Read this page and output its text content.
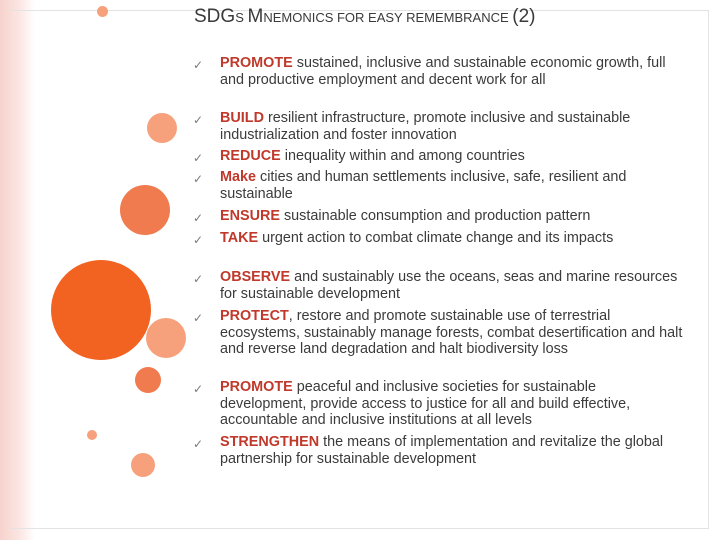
SDGS MNEMONICS FOR EASY REMEMBRANCE (2)
✓ PROMOTE sustained, inclusive and sustainable economic growth, full and productive employment and decent work for all

✓ BUILD resilient infrastructure, promote inclusive and sustainable industrialization and foster innovation

✓ REDUCE inequality within and among countries

✓ Make cities and human settlements inclusive, safe, resilient and sustainable

✓ ENSURE sustainable consumption and production pattern

✓ TAKE urgent action to combat climate change and its impacts

✓ OBSERVE and sustainably use the oceans, seas and marine resources for sustainable development

✓ PROTECT, restore and promote sustainable use of terrestrial ecosystems, sustainably manage forests, combat desertification and halt and reverse land degradation and halt biodiversity loss

✓ PROMOTE peaceful and inclusive societies for sustainable development, provide access to justice for all and build effective, accountable and inclusive institutions at all levels

✓ STRENGTHEN the means of implementation and revitalize the global partnership for sustainable development
